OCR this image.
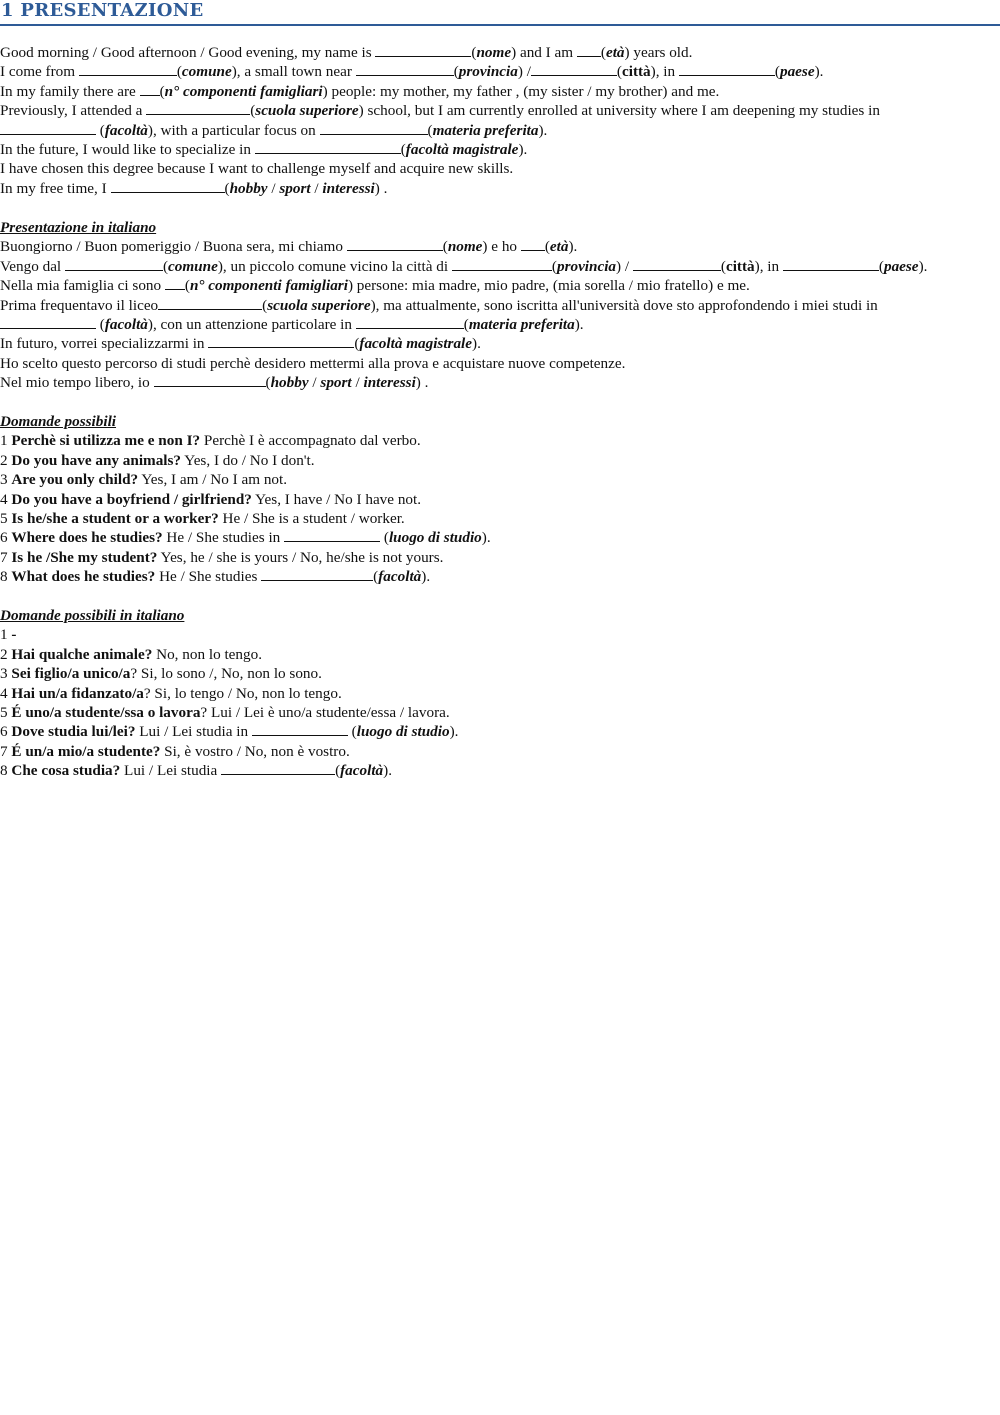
1 PRESENTAZIONE
Good morning / Good afternoon / Good evening, my name is	(nome) and I am (età) years old.
I come from	(comune), a small town near	(provincia) /	(città), in	(paese).
In my family there are (n° componenti famigliari) people: my mother, my father , (my sister / my brother) and me.
Previously, I attended a	(scuola superiore) school, but I am currently enrolled at university where I am deepening my studies in
(facoltà), with a particular focus on	(materia preferita).
In the future, I would like to specialize in	(facoltà magistrale).
I have chosen this degree because I want to challenge myself and acquire new skills.
In my free time, I	(hobby / sport / interessi) .
Presentazione in italiano
Buongiorno / Buon pomeriggio / Buona sera, mi chiamo	(nome) e ho (età).
Vengo dal	(comune), un piccolo comune vicino la città di	(provincia) /	(città), in	(paese).
Nella mia famiglia ci sono (n° componenti famigliari) persone: mia madre, mio padre, (mia sorella / mio fratello) e me.
Prima frequentavo il liceo	(scuola superiore), ma attualmente, sono iscritta all'università dove sto approfondendo i miei studi in
(facoltà), con un attenzione particolare in	(materia preferita).
In futuro, vorrei specializzarmi in	(facoltà magistrale).
Ho scelto questo percorso di studi perchè desidero mettermi alla prova e acquistare nuove competenze.
Nel mio tempo libero, io	(hobby / sport / interessi) .
Domande possibili
1 Perchè si utilizza me e non I? Perchè I è accompagnato dal verbo.
2 Do you have any animals? Yes, I do / No I don't.
3 Are you only child? Yes, I am / No I am not.
4 Do you have a boyfriend / girlfriend? Yes, I have / No I have not.
5 Is he/she a student or a worker? He / She is a student / worker.
6 Where does he studies? He / She studies in	(luogo di studio).
7 Is he /She my student? Yes, he / she is yours / No, he/she is not yours.
8 What does he studies? He / She studies	(facoltà).
Domande possibili in italiano
1 -
2 Hai qualche animale? No, non lo tengo.
3 Sei figlio/a unico/a? Si, lo sono /, No, non lo sono.
4 Hai un/a fidanzato/a? Si, lo tengo / No, non lo tengo.
5 É uno/a studente/ssa o lavora? Lui / Lei è uno/a studente/essa / lavora.
6 Dove studia lui/lei? Lui / Lei studia in	(luogo di studio).
7 É un/a mio/a studente? Si, è vostro / No, non è vostro.
8 Che cosa studia? Lui / Lei studia	(facoltà).
